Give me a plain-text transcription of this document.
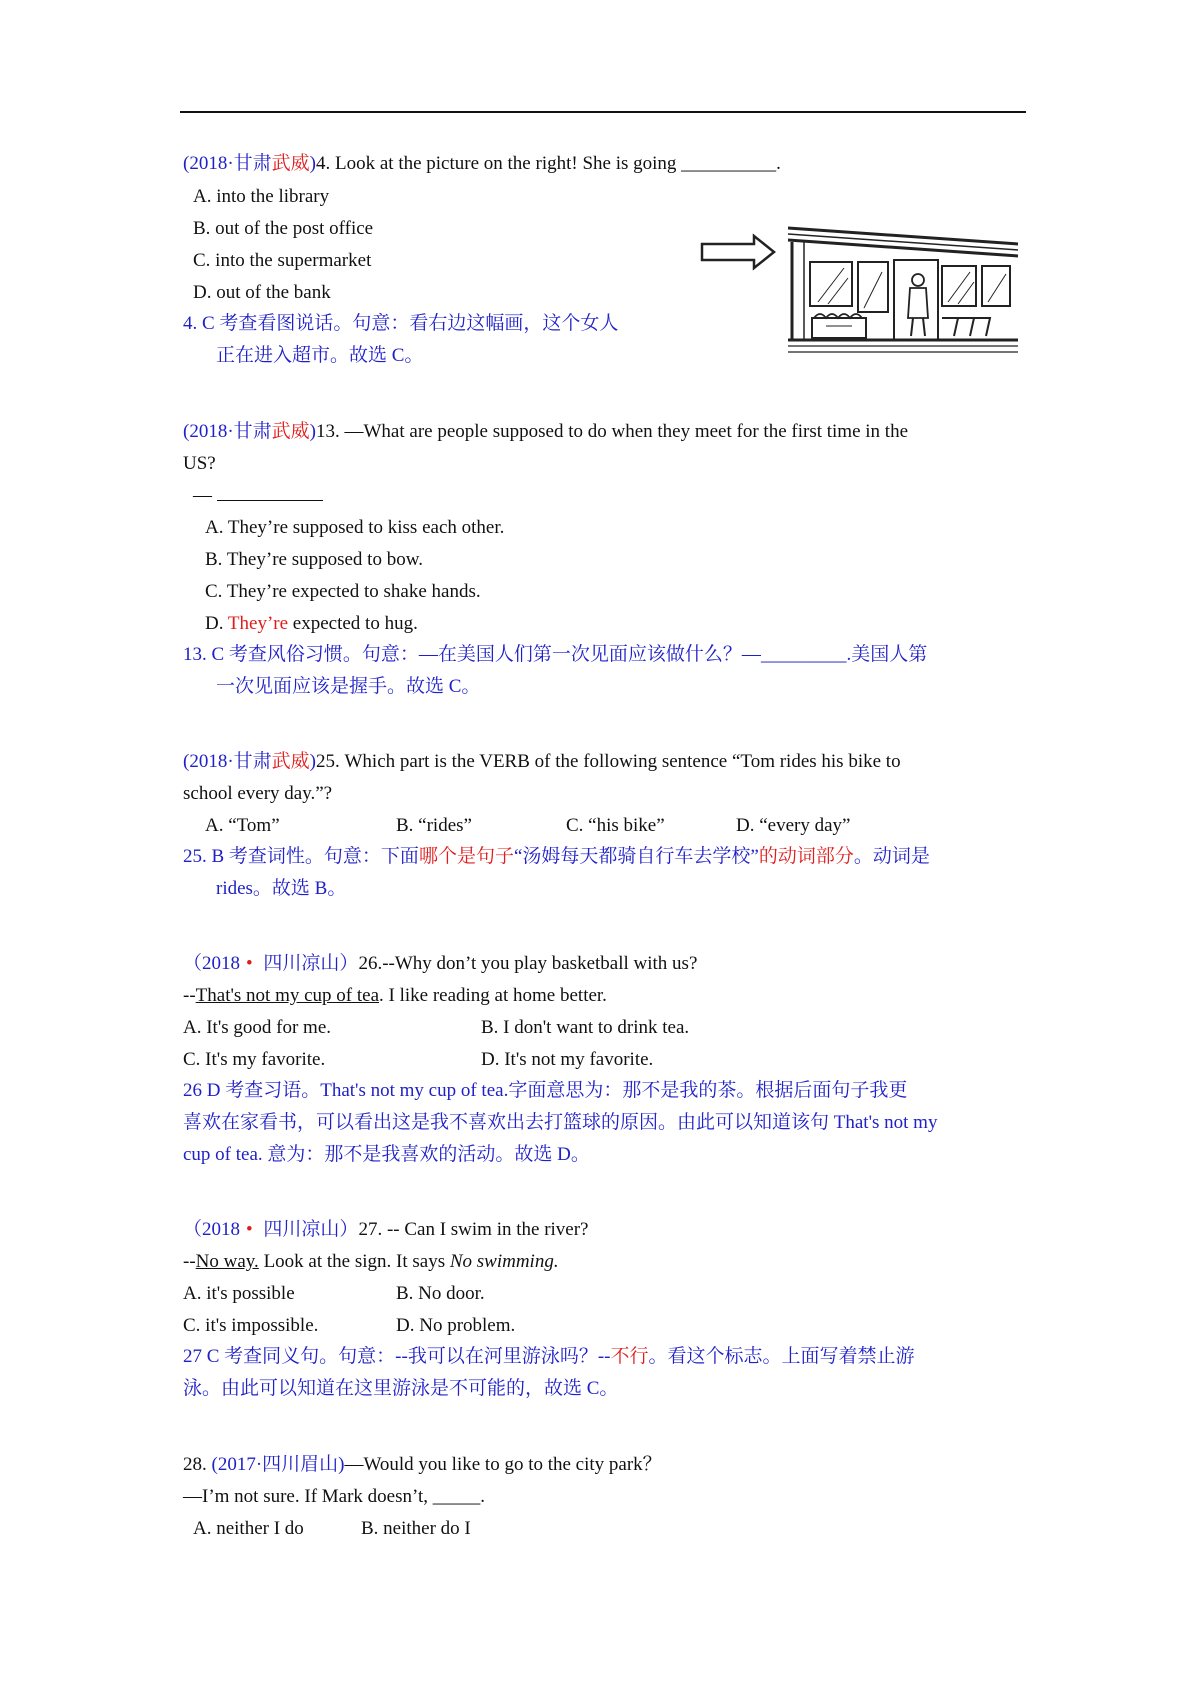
(2018·甘肃武威)4. Look at the picture on the right! She is going __________.
A. into the library
B. out of the post office
C. into the supermarket
D. out of the bank
4. C 考查看图说话。句意：看右边这幅画，这个女人
正在进入超市。故选 C。
(2018·甘肃武威)13. —What are people supposed to do when they meet for the first time in the
US?
—
A. They’re supposed to kiss each other.
B. They’re supposed to bow.
C. They’re expected to shake hands.
D. They’re expected to hug.
13. C 考查风俗习惯。句意：—在美国人们第一次见面应该做什么？—_________.美国人第
一次见面应该是握手。故选 C。
(2018·甘肃武威)25. Which part is the VERB of the following sentence “Tom rides his bike to
school every day.”?
A. “Tom”	B. “rides”	C. “his bike”	D. “every day”
25. B 考查词性。句意：下面哪个是句子“汤姆每天都骑自行车去学校”的动词部分。动词是
rides。故选 B。
（2018 • 四川凉山）26.--Why don’t you play basketball with us?
--That's not my cup of tea. I like reading at home better.
A. It's good for me.	B. I don't want to drink tea.
C. It's my favorite.	D. It's not my favorite.
26 D 考查习语。That's not my cup of tea.字面意思为：那不是我的茶。根据后面句子我更
喜欢在家看书，可以看出这是我不喜欢出去打篮球的原因。由此可以知道该句 That's not my
cup of tea. 意为：那不是我喜欢的活动。故选 D。
（2018 • 四川凉山）27. -- Can I swim in the river?
--No way. Look at the sign. It says No swimming.
A. it's possible	B. No door.
C. it's impossible.	D. No problem.
27 C 考查同义句。句意：--我可以在河里游泳吗？--不行。看这个标志。上面写着禁止游
泳。由此可以知道在这里游泳是不可能的，故选 C。
28. (2017·四川眉山)—Would you like to go to the city park？
—I’m not sure. If Mark doesn’t, _____.
A. neither I do	B. neither do I
